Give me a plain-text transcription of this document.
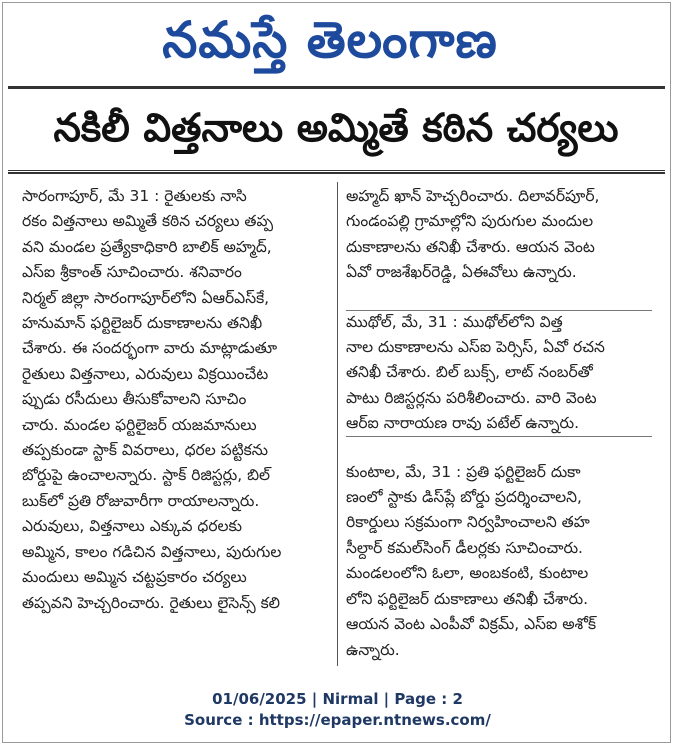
నమస్తే తెలంగాణ
నకిలీ విత్తనాలు అమ్మితే కఠిన చర్యలు
సారంగాపూర్, మే 31 : రైతులకు నాసి
రకం విత్తనాలు అమ్మితే కఠిన చర్యలు తప్ప
వని మండల ప్రత్యేకాధికారి బాలిక్ అహ్మద్,
ఎస్ఐ శ్రీకాంత్ సూచించారు. శనివారం
నిర్మల్ జిల్లా సారంగాపూర్‌లోని ఏఆర్ఎస్‌కే,
హనుమాన్ ఫర్టిలైజర్ దుకాణాలను తనిఖీ
చేశారు. ఈ సందర్భంగా వారు మాట్లాడుతూ
రైతులు విత్తనాలు, ఎరువులు విక్రయించేట
ప్పుడు రసీదులు తీసుకోవాలని సూచిం
చారు. మండల ఫర్టిలైజర్ యజమానులు
తప్పకుండా స్టాక్ వివరాలు, ధరల పట్టికను
బోర్డుపై ఉంచాలన్నారు. స్టాక్ రిజిస్టర్లు, బిల్
బుక్‌లో ప్రతి రోజువారీగా రాయాలన్నారు.
ఎరువులు, విత్తనాలు ఎక్కువ ధరలకు
అమ్మిన, కాలం గడిచిన విత్తనాలు, పురుగుల
మందులు అమ్మిన చట్టప్రకారం చర్యలు
తప్పవని హెచ్చరించారు. రైతులు లైసెన్స్ కలి
అహ్మద్ ఖాన్ హెచ్చరించారు. దిలావర్‌పూర్,
గుండంపల్లి గ్రామాల్లోని పురుగుల మందుల
దుకాణాలను తనిఖీ చేశారు. ఆయన వెంట
ఏవో రాజశేఖర్‌రెడ్డి, ఏఈవోలు ఉన్నారు.
ముథోల్, మే, 31 : ముథోల్‌లోని విత్త
నాల దుకాణాలను ఎస్ఐ పెర్సిస్, ఏవో రచన
తనిఖీ చేశారు. బిల్ బుక్స్, లాట్ నంబర్‌తో
పాటు రిజిస్టర్లను పరిశీలించారు. వారి వెంట
ఆర్ఐ నారాయణ రావు పటేల్ ఉన్నారు.
కుంటాల, మే, 31 : ప్రతి ఫర్టిలైజర్ దుకా
ణంలో స్టాకు డిస్‌ప్లే బోర్డు ప్రదర్శించాలని,
రికార్డులు సక్రమంగా నిర్వహించాలని తహ
సీల్దార్ కమల్‌సింగ్ డీలర్లకు సూచించారు.
మండలంలోని ఓలా, అంబకంటి, కుంటాల
లోని ఫర్టిలైజర్ దుకాణాలు తనిఖీ చేశారు.
ఆయన వెంట ఎంపీవో విక్రమ్, ఎస్ఐ అశోక్
ఉన్నారు.
01/06/2025 | Nirmal | Page : 2
Source : https://epaper.ntnews.com/
